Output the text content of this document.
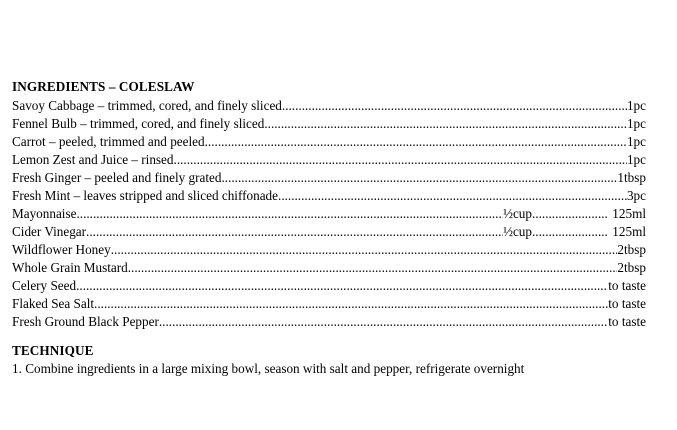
INGREDIENTS – COLESLAW
Savoy Cabbage – trimmed, cored, and finely sliced .....	1pc
Fennel Bulb – trimmed, cored, and finely sliced .....	1pc
Carrot – peeled, trimmed and peeled .....	1pc
Lemon Zest and Juice – rinsed .....	1pc
Fresh Ginger – peeled and finely grated .....	1tbsp
Fresh Mint – leaves stripped and sliced chiffonade .....	3pc
Mayonnaise .....	½cup .....	125ml
Cider Vinegar .....	½cup .....	125ml
Wildflower Honey .....	2tbsp
Whole Grain Mustard .....	2tbsp
Celery Seed .....	to taste
Flaked Sea Salt .....	to taste
Fresh Ground Black Pepper .....	to taste
TECHNIQUE
1. Combine ingredients in a large mixing bowl, season with salt and pepper, refrigerate overnight
